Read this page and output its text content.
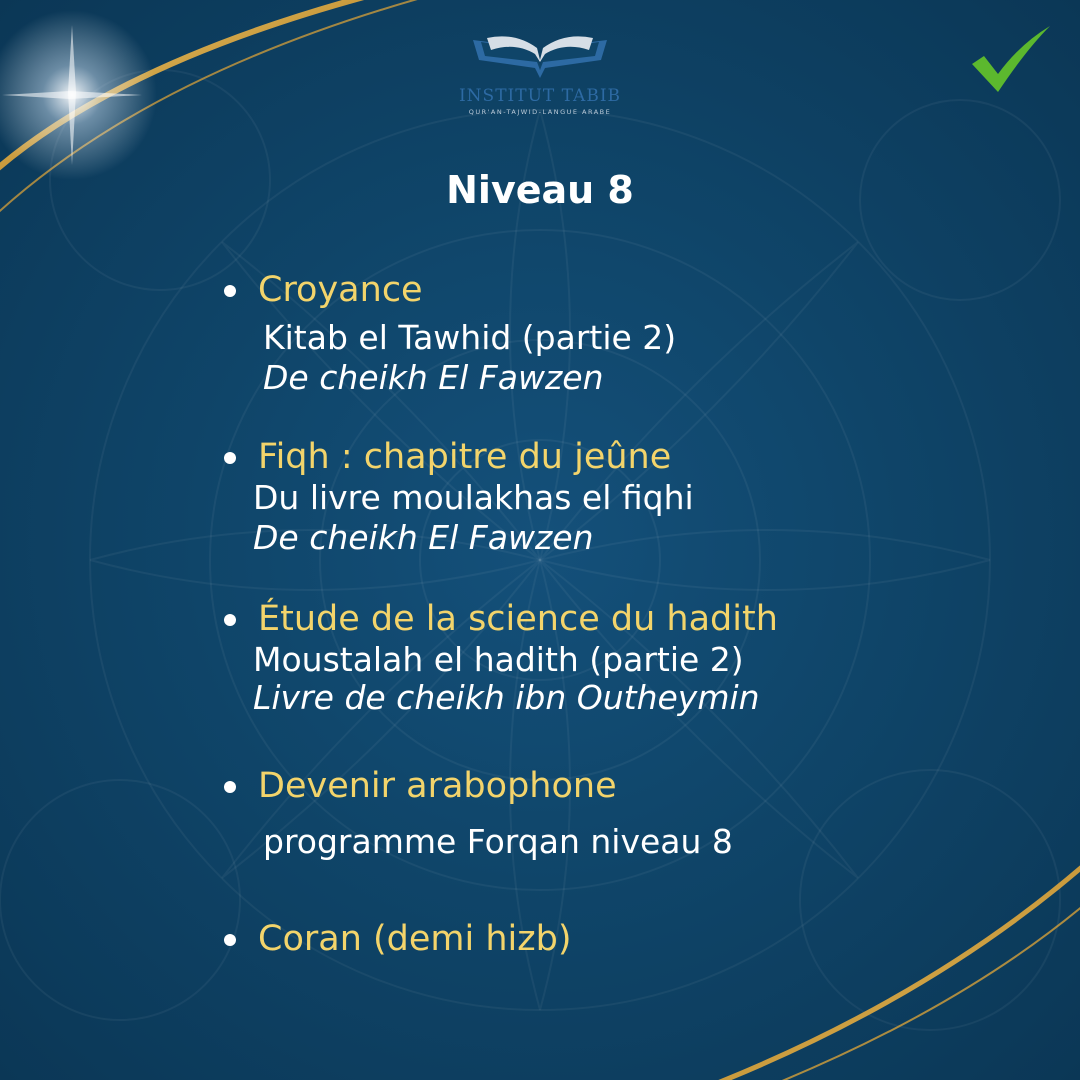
INSTITUT TABIB
QUR'AN-TAJWID-LANGUE ARABE
Niveau 8
Croyance
Kitab el Tawhid (partie 2)
De cheikh El Fawzen
Fiqh : chapitre du jeûne
Du livre moulakhas el fiqhi
De cheikh El Fawzen
Étude de la science du hadith
Moustalah el hadith (partie 2)
Livre de cheikh ibn Outheymin
Devenir arabophone
programme Forqan niveau 8
Coran (demi hizb)
